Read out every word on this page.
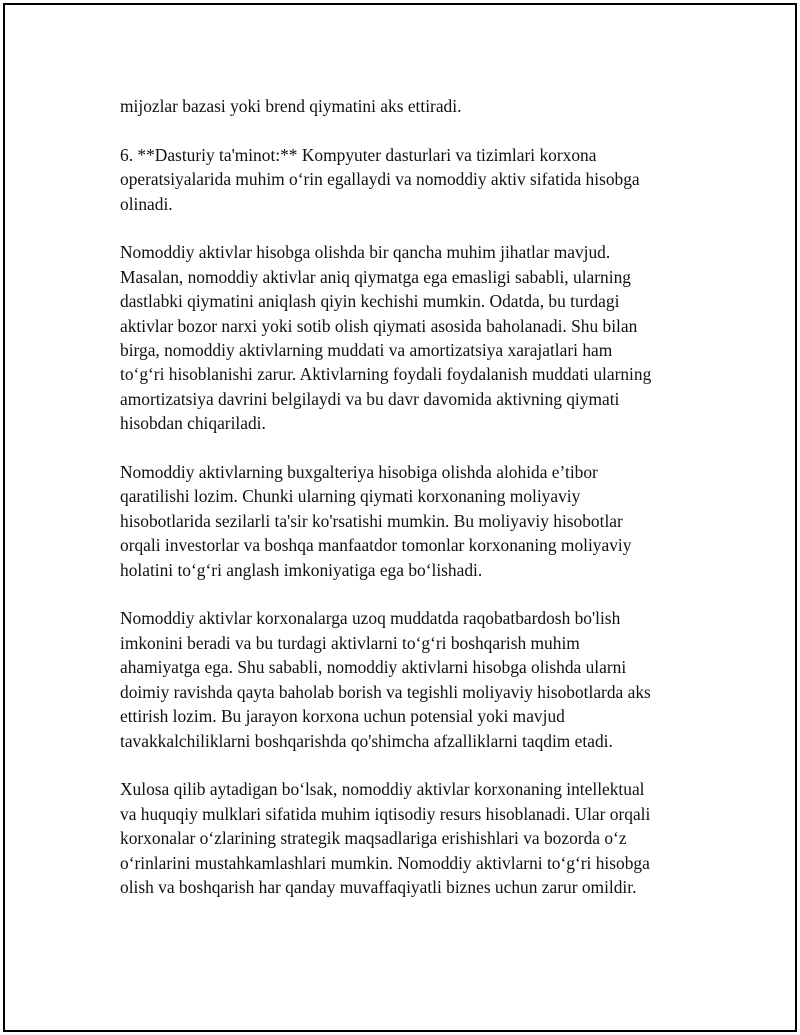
mijozlar bazasi yoki brend qiymatini aks ettiradi.

6. **Dasturiy ta'minot:** Kompyuter dasturlari va tizimlari korxona
operatsiyalarida muhim o‘rin egallaydi va nomoddiy aktiv sifatida hisobga
olinadi.

Nomoddiy aktivlar hisobga olishda bir qancha muhim jihatlar mavjud.
Masalan, nomoddiy aktivlar aniq qiymatga ega emasligi sababli, ularning
dastlabki qiymatini aniqlash qiyin kechishi mumkin. Odatda, bu turdagi
aktivlar bozor narxi yoki sotib olish qiymati asosida baholanadi. Shu bilan
birga, nomoddiy aktivlarning muddati va amortizatsiya xarajatlari ham
to‘g‘ri hisoblanishi zarur. Aktivlarning foydali foydalanish muddati ularning
amortizatsiya davrini belgilaydi va bu davr davomida aktivning qiymati
hisobdan chiqariladi.

Nomoddiy aktivlarning buxgalteriya hisobiga olishda alohida e’tibor
qaratilishi lozim. Chunki ularning qiymati korxonaning moliyaviy
hisobotlarida sezilarli ta'sir ko'rsatishi mumkin. Bu moliyaviy hisobotlar
orqali investorlar va boshqa manfaatdor tomonlar korxonaning moliyaviy
holatini to‘g‘ri anglash imkoniyatiga ega bo‘lishadi.

Nomoddiy aktivlar korxonalarga uzoq muddatda raqobatbardosh bo'lish
imkonini beradi va bu turdagi aktivlarni to‘g‘ri boshqarish muhim
ahamiyatga ega. Shu sababli, nomoddiy aktivlarni hisobga olishda ularni
doimiy ravishda qayta baholab borish va tegishli moliyaviy hisobotlarda aks
ettirish lozim. Bu jarayon korxona uchun potensial yoki mavjud
tavakkalchiliklarni boshqarishda qo'shimcha afzalliklarni taqdim etadi.

Xulosa qilib aytadigan bo‘lsak, nomoddiy aktivlar korxonaning intellektual
va huquqiy mulklari sifatida muhim iqtisodiy resurs hisoblanadi. Ular orqali
korxonalar o‘zlarining strategik maqsadlariga erishishlari va bozorda o‘z
o‘rinlarini mustahkamlashlari mumkin. Nomoddiy aktivlarni to‘g‘ri hisobga
olish va boshqarish har qanday muvaffaqiyatli biznes uchun zarur omildir.
